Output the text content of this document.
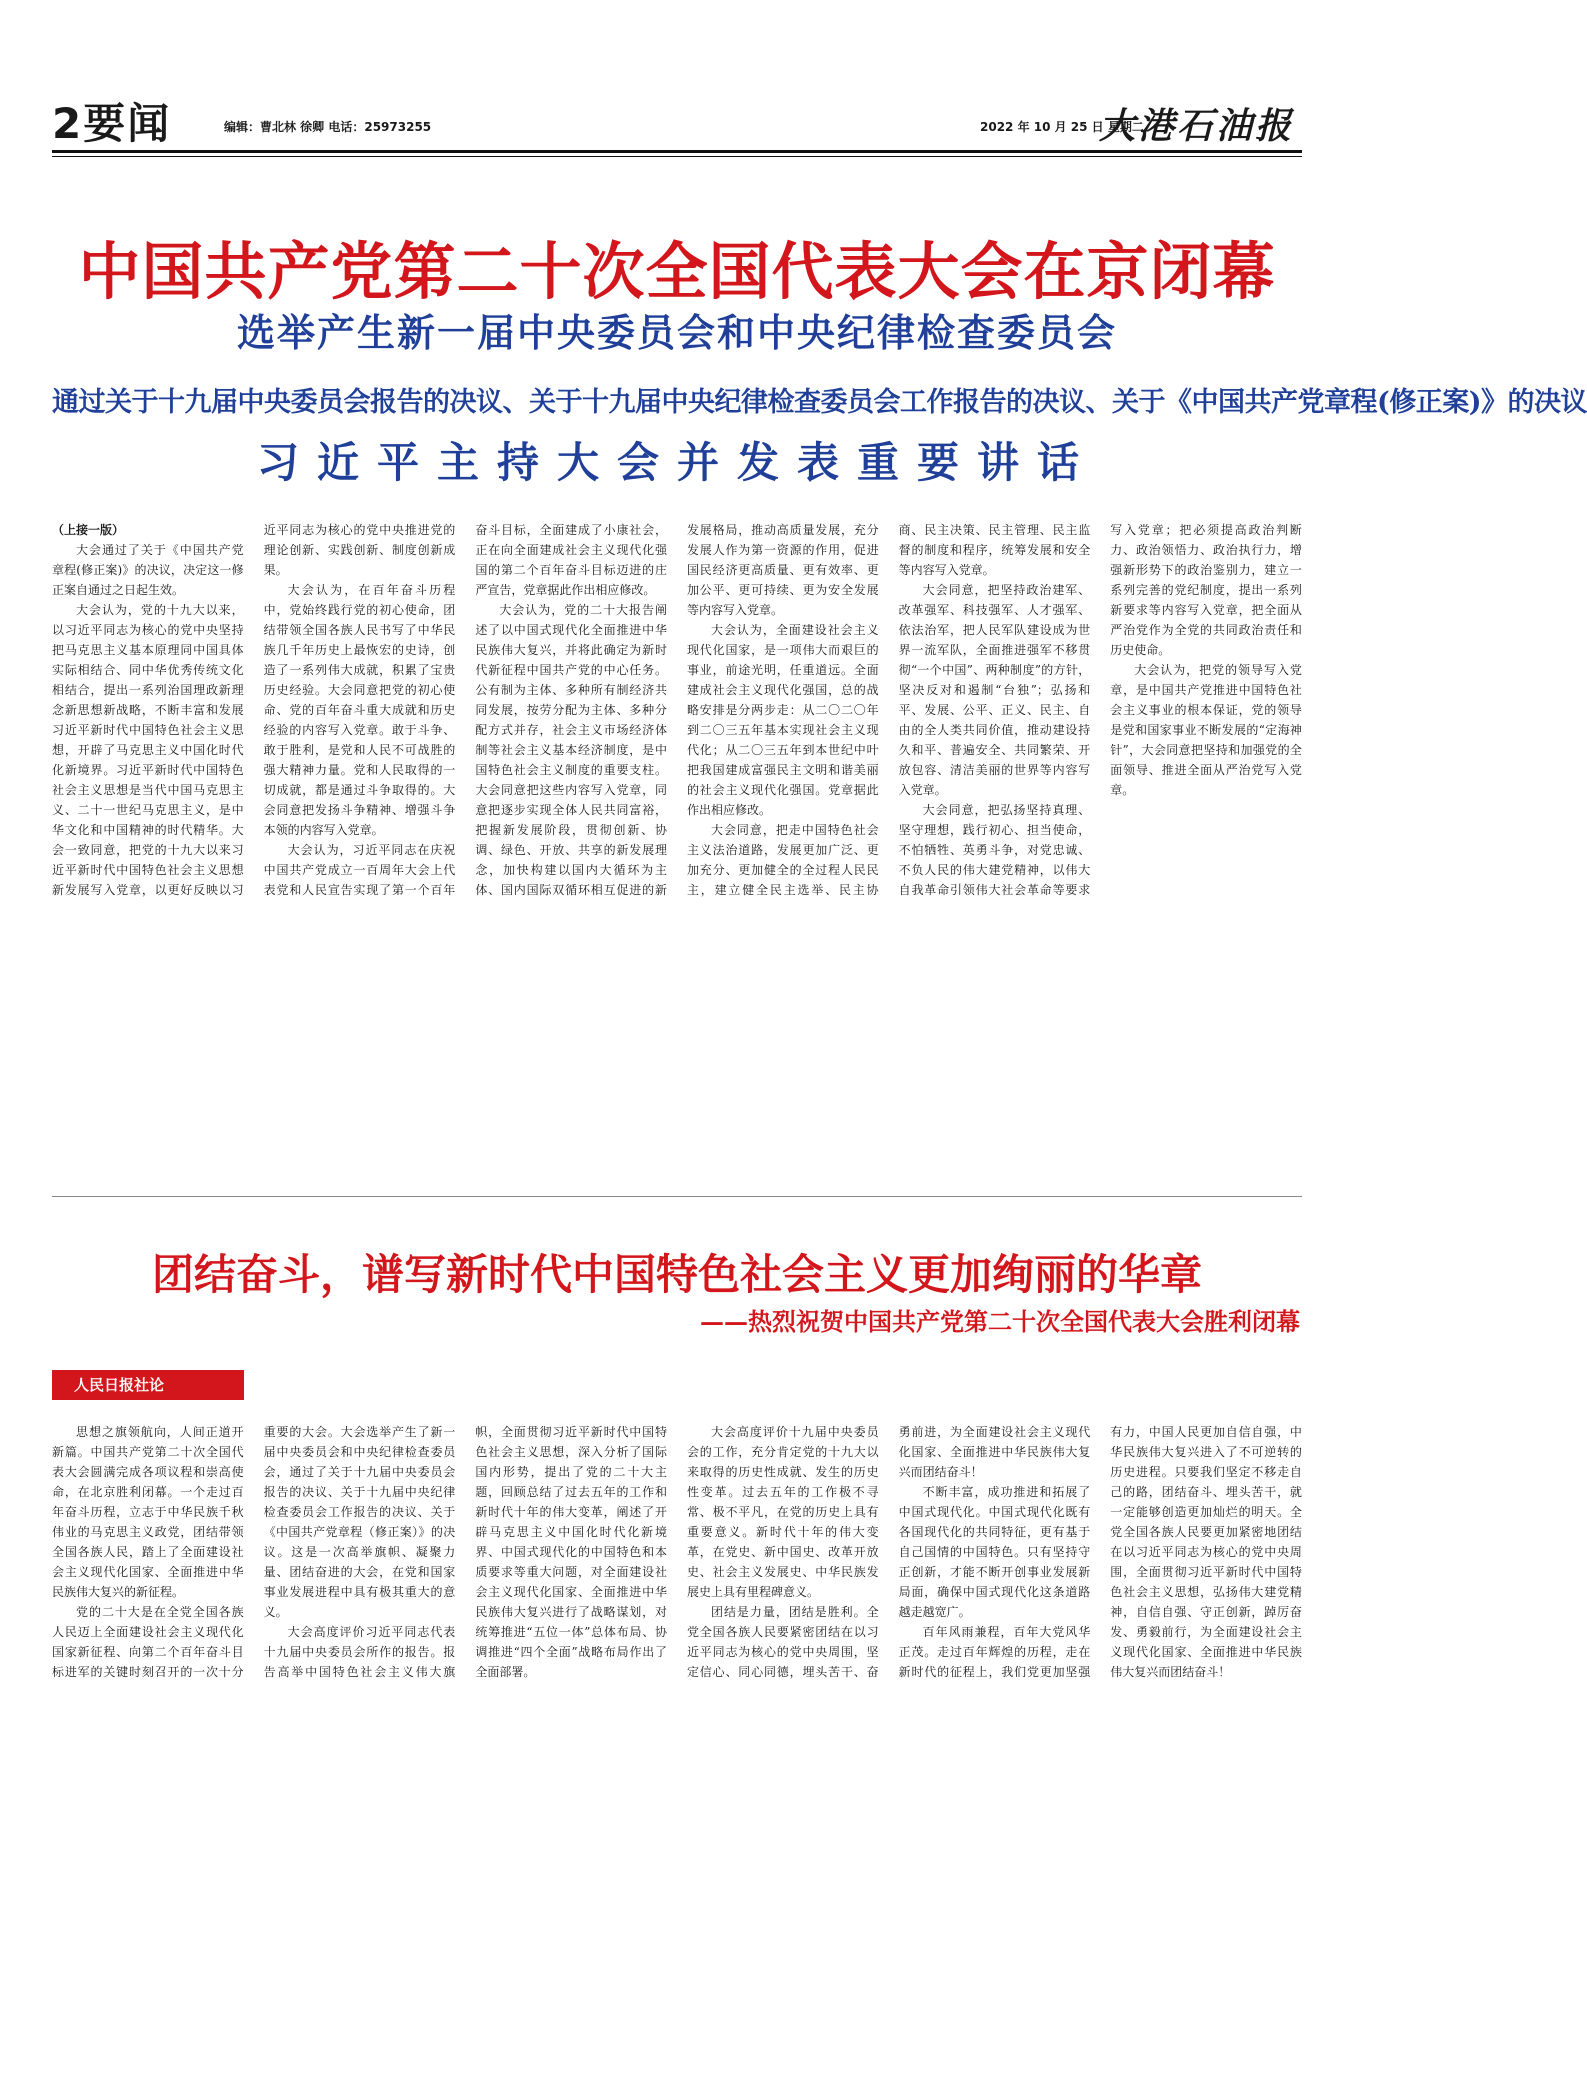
2要闻	编辑：曹北林 徐卿 电话：25973255	2022 年 10 月 25 日 星期二
大港石油报
中国共产党第二十次全国代表大会在京闭幕
选举产生新一届中央委员会和中央纪律检查委员会
通过关于十九届中央委员会报告的决议、关于十九届中央纪律检查委员会工作报告的决议、关于《中国共产党章程(修正案)》的决议
习近平主持大会并发表重要讲话

（上接一版）

大会通过了关于《中国共产党章程(修正案)》的决议，决定这一修正案自通过之日起生效。

大会认为，党的十九大以来，以习近平同志为核心的党中央坚持把马克思主义基本原理同中国具体实际相结合、同中华优秀传统文化相结合，提出一系列治国理政新理念新思想新战略，不断丰富和发展习近平新时代中国特色社会主义思想，开辟了马克思主义中国化时代化新境界。习近平新时代中国特色社会主义思想是当代中国马克思主义、二十一世纪马克思主义，是中华文化和中国精神的时代精华。大会一致同意，把党的十九大以来习近平新时代中国特色社会主义思想新发展写入党章，以更好反映以习近平同志为核心的党中央推进党的理论创新、实践创新、制度创新成果。

大会认为，在百年奋斗历程中，党始终践行党的初心使命，团结带领全国各族人民书写了中华民族几千年历史上最恢宏的史诗，创造了一系列伟大成就，积累了宝贵历史经验。大会同意把党的初心使命、党的百年奋斗重大成就和历史经验的内容写入党章。敢于斗争、敢于胜利，是党和人民不可战胜的强大精神力量。党和人民取得的一切成就，都是通过斗争取得的。大会同意把发扬斗争精神、增强斗争本领的内容写入党章。

大会认为，习近平同志在庆祝中国共产党成立一百周年大会上代表党和人民宣告实现了第一个百年奋斗目标，全面建成了小康社会，正在向全面建成社会主义现代化强国的第二个百年奋斗目标迈进的庄严宣告，党章据此作出相应修改。

大会认为，党的二十大报告阐述了以中国式现代化全面推进中华民族伟大复兴，并将此确定为新时代新征程中国共产党的中心任务。公有制为主体、多种所有制经济共同发展，按劳分配为主体、多种分配方式并存，社会主义市场经济体制等社会主义基本经济制度，是中国特色社会主义制度的重要支柱。大会同意把这些内容写入党章，同意把逐步实现全体人民共同富裕，把握新发展阶段，贯彻创新、协调、绿色、开放、共享的新发展理念，加快构建以国内大循环为主体、国内国际双循环相互促进的新发展格局，推动高质量发展，充分发展人作为第一资源的作用，促进国民经济更高质量、更有效率、更加公平、更可持续、更为安全发展等内容写入党章。

大会认为，全面建设社会主义现代化国家，是一项伟大而艰巨的事业，前途光明，任重道远。全面建成社会主义现代化强国，总的战略安排是分两步走：从二〇二〇年到二〇三五年基本实现社会主义现代化；从二〇三五年到本世纪中叶把我国建成富强民主文明和谐美丽的社会主义现代化强国。党章据此作出相应修改。

大会同意，把走中国特色社会主义法治道路，发展更加广泛、更加充分、更加健全的全过程人民民主，建立健全民主选举、民主协商、民主决策、民主管理、民主监督的制度和程序，统筹发展和安全等内容写入党章。

大会同意，把坚持政治建军、改革强军、科技强军、人才强军、依法治军，把人民军队建设成为世界一流军队，全面推进强军不移贯彻“一个中国”、两种制度”的方针，坚决反对和遏制“台独”；弘扬和平、发展、公平、正义、民主、自由的全人类共同价值，推动建设持久和平、普遍安全、共同繁荣、开放包容、清洁美丽的世界等内容写入党章。

大会同意，把弘扬坚持真理、坚守理想，践行初心、担当使命，不怕牺牲、英勇斗争，对党忠诚、不负人民的伟大建党精神，以伟大自我革命引领伟大社会革命等要求写入党章；把必须提高政治判断力、政治领悟力、政治执行力，增强新形势下的政治鉴别力，建立一系列完善的党纪制度，提出一系列新要求等内容写入党章，把全面从严治党作为全党的共同政治责任和历史使命。

大会认为，把党的领导写入党章，是中国共产党推进中国特色社会主义事业的根本保证，党的领导是党和国家事业不断发展的“定海神针”，大会同意把坚持和加强党的全面领导、推进全面从严治党写入党章。

团结奋斗，谱写新时代中国特色社会主义更加绚丽的华章
——热烈祝贺中国共产党第二十次全国代表大会胜利闭幕
人民日报社论

思想之旗领航向，人间正道开新篇。中国共产党第二十次全国代表大会圆满完成各项议程和崇高使命，在北京胜利闭幕。一个走过百年奋斗历程，立志于中华民族千秋伟业的马克思主义政党，团结带领全国各族人民，踏上了全面建设社会主义现代化国家、全面推进中华民族伟大复兴的新征程。

党的二十大是在全党全国各族人民迈上全面建设社会主义现代化国家新征程、向第二个百年奋斗目标进军的关键时刻召开的一次十分重要的大会。大会选举产生了新一届中央委员会和中央纪律检查委员会，通过了关于十九届中央委员会报告的决议、关于十九届中央纪律检查委员会工作报告的决议、关于《中国共产党章程（修正案）》的决议。这是一次高举旗帜、凝聚力量、团结奋进的大会，在党和国家事业发展进程中具有极其重大的意义。

大会高度评价习近平同志代表十九届中央委员会所作的报告。报告高举中国特色社会主义伟大旗帜，全面贯彻习近平新时代中国特色社会主义思想，深入分析了国际国内形势，提出了党的二十大主题，回顾总结了过去五年的工作和新时代十年的伟大变革，阐述了开辟马克思主义中国化时代化新境界、中国式现代化的中国特色和本质要求等重大问题，对全面建设社会主义现代化国家、全面推进中华民族伟大复兴进行了战略谋划，对统筹推进“五位一体”总体布局、协调推进“四个全面”战略布局作出了全面部署。

大会高度评价十九届中央委员会的工作，充分肯定党的十九大以来取得的历史性成就、发生的历史性变革。过去五年的工作极不寻常、极不平凡，在党的历史上具有重要意义。新时代十年的伟大变革，在党史、新中国史、改革开放史、社会主义发展史、中华民族发展史上具有里程碑意义。

团结是力量，团结是胜利。全党全国各族人民要紧密团结在以习近平同志为核心的党中央周围，坚定信心、同心同德，埋头苦干、奋勇前进，为全面建设社会主义现代化国家、全面推进中华民族伟大复兴而团结奋斗！

不断丰富，成功推进和拓展了中国式现代化。中国式现代化既有各国现代化的共同特征，更有基于自己国情的中国特色。只有坚持守正创新，才能不断开创事业发展新局面，确保中国式现代化这条道路越走越宽广。

百年风雨兼程，百年大党风华正茂。走过百年辉煌的历程，走在新时代的征程上，我们党更加坚强有力，中国人民更加自信自强，中华民族伟大复兴进入了不可逆转的历史进程。只要我们坚定不移走自己的路，团结奋斗、埋头苦干，就一定能够创造更加灿烂的明天。全党全国各族人民要更加紧密地团结在以习近平同志为核心的党中央周围，全面贯彻习近平新时代中国特色社会主义思想，弘扬伟大建党精神，自信自强、守正创新，踔厉奋发、勇毅前行，为全面建设社会主义现代化国家、全面推进中华民族伟大复兴而团结奋斗！
